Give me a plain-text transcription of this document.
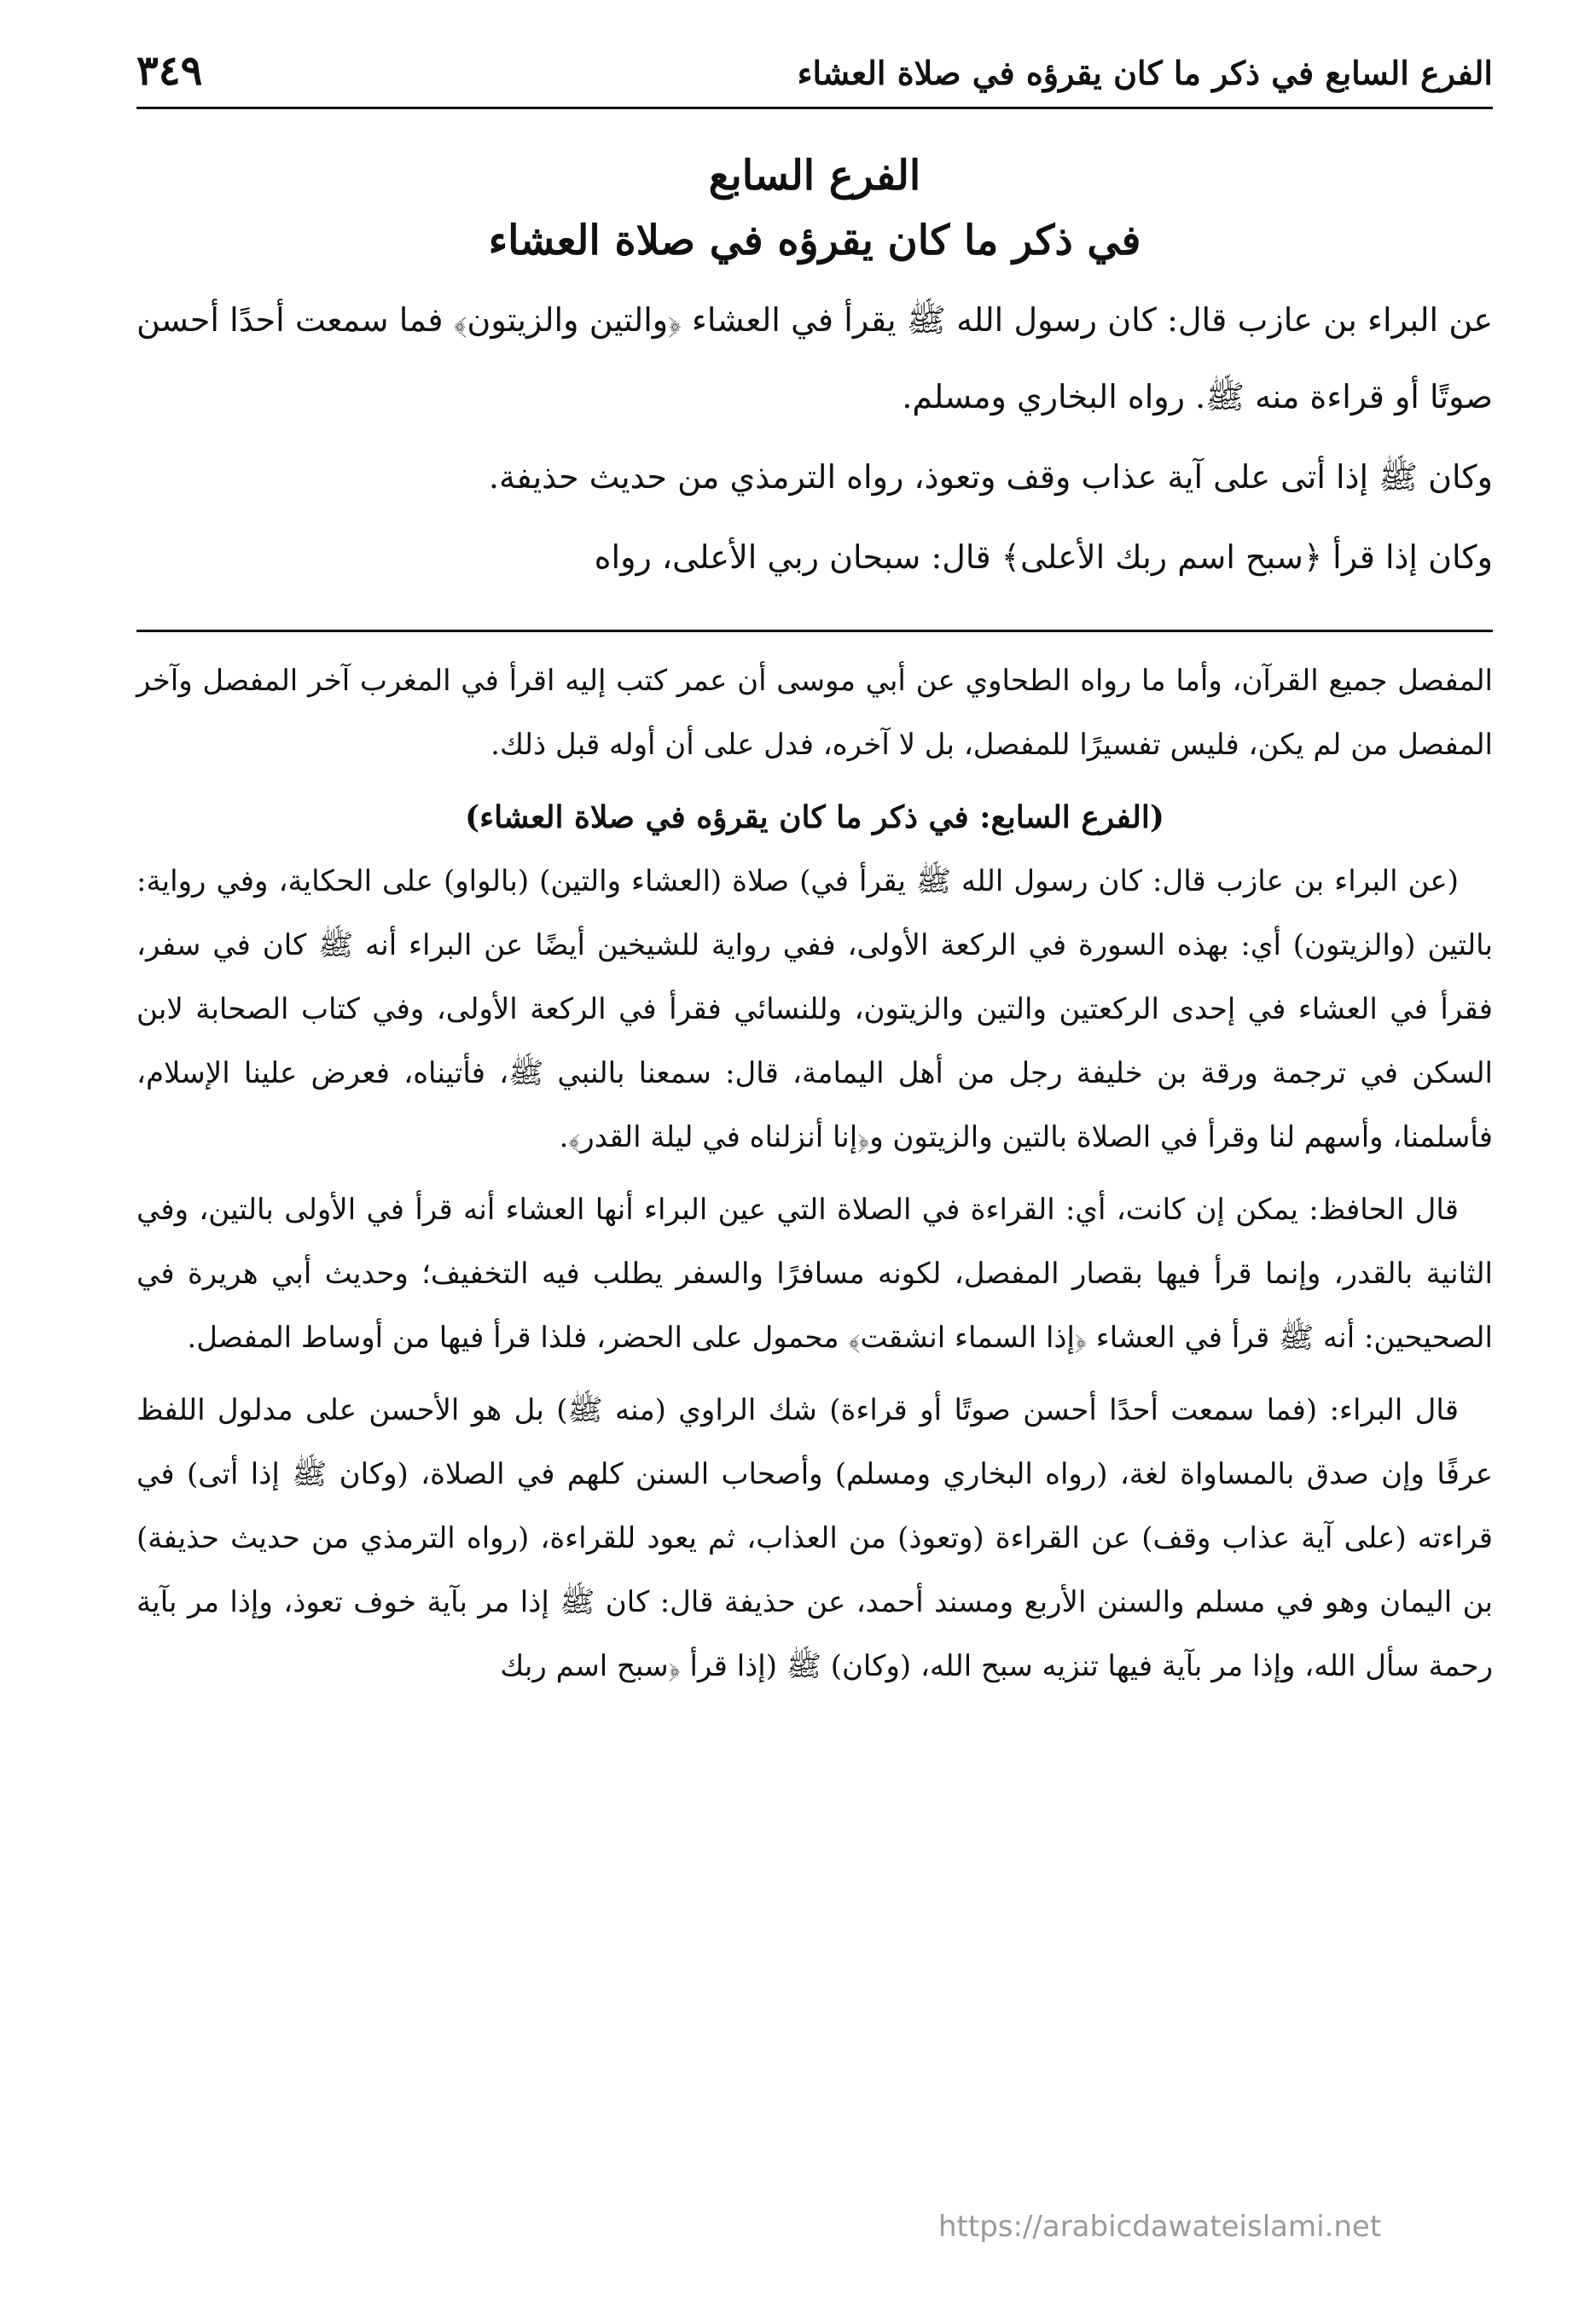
الفرع السابع في ذكر ما كان يقرؤه في صلاة العشاء
٣٤٩
الفرع السابع
في ذكر ما كان يقرؤه في صلاة العشاء

عن البراء بن عازب قال: كان رسول الله ﷺ يقرأ في العشاء ﴿والتين والزيتون﴾ فما سمعت أحدًا أحسن صوتًا أو قراءة منه ﷺ. رواه البخاري ومسلم.

وكان ﷺ إذا أتى على آية عذاب وقف وتعوذ، رواه الترمذي من حديث حذيفة.

وكان إذا قرأ ﴿سبح اسم ربك الأعلى﴾ قال: سبحان ربي الأعلى، رواه

المفصل جميع القرآن، وأما ما رواه الطحاوي عن أبي موسى أن عمر كتب إليه اقرأ في المغرب آخر المفصل وآخر المفصل من لم يكن، فليس تفسيرًا للمفصل، بل لا آخره، فدل على أن أوله قبل ذلك.

(الفرع السابع: في ذكر ما كان يقرؤه في صلاة العشاء)

(عن البراء بن عازب قال: كان رسول الله ﷺ يقرأ في) صلاة (العشاء والتين) (بالواو) على الحكاية، وفي رواية: بالتين (والزيتون) أي: بهذه السورة في الركعة الأولى، ففي رواية للشيخين أيضًا عن البراء أنه ﷺ كان في سفر، فقرأ في العشاء في إحدى الركعتين والتين والزيتون، وللنسائي فقرأ في الركعة الأولى، وفي كتاب الصحابة لابن السكن في ترجمة ورقة بن خليفة رجل من أهل اليمامة، قال: سمعنا بالنبي ﷺ، فأتيناه، فعرض علينا الإسلام، فأسلمنا، وأسهم لنا وقرأ في الصلاة بالتين والزيتون و﴿إنا أنزلناه في ليلة القدر﴾.

قال الحافظ: يمكن إن كانت، أي: القراءة في الصلاة التي عين البراء أنها العشاء أنه قرأ في الأولى بالتين، وفي الثانية بالقدر، وإنما قرأ فيها بقصار المفصل، لكونه مسافرًا والسفر يطلب فيه التخفيف؛ وحديث أبي هريرة في الصحيحين: أنه ﷺ قرأ في العشاء ﴿إذا السماء انشقت﴾ محمول على الحضر، فلذا قرأ فيها من أوساط المفصل.

قال البراء: (فما سمعت أحدًا أحسن صوتًا أو قراءة) شك الراوي (منه ﷺ) بل هو الأحسن على مدلول اللفظ عرفًا وإن صدق بالمساواة لغة، (رواه البخاري ومسلم) وأصحاب السنن كلهم في الصلاة، (وكان ﷺ إذا أتى) في قراءته (على آية عذاب وقف) عن القراءة (وتعوذ) من العذاب، ثم يعود للقراءة، (رواه الترمذي من حديث حذيفة) بن اليمان وهو في مسلم والسنن الأربع ومسند أحمد، عن حذيفة قال: كان ﷺ إذا مر بآية خوف تعوذ، وإذا مر بآية رحمة سأل الله، وإذا مر بآية فيها تنزيه سبح الله، (وكان) ﷺ (إذا قرأ ﴿سبح اسم ربك

https://arabicdawateislami.net
